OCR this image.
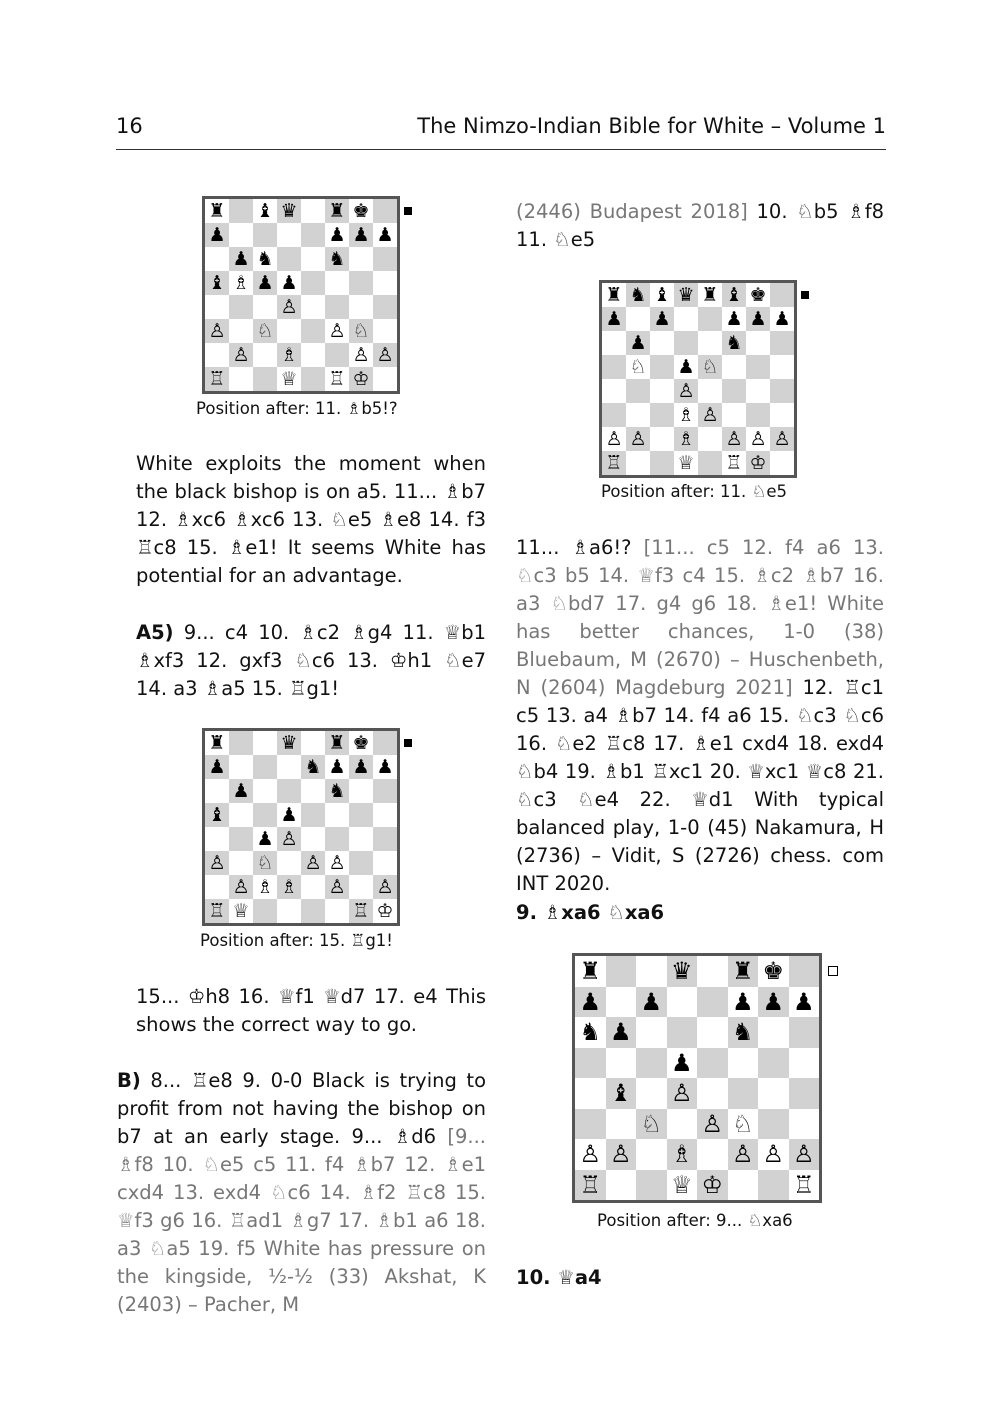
16	The Nimzo-Indian Bible for White – Volume 1
♜ ♝ ♛ ♜ ♚
♟	♟ ♟ ♟
♟ ♞	♞
♝ ♗ ♟ ♟
♙
♙ ♘	♙ ♘
♙ ♗	♙ ♙
♖	♕ ♖ ♔
Position after: 11. ♗b5!?
White exploits the moment when the black bishop is on a5. 11... ♗b7 12. ♗xc6 ♗xc6 13. ♘e5 ♗e8 14. f3 ♖c8 15. ♗e1! It seems White has potential for an advantage.
A5) 9... c4 10. ♗c2 ♗g4 11. ♕b1 ♗xf3 12. gxf3 ♘c6 13. ♔h1 ♘e7 14. a3 ♗a5 15. ♖g1!
♜	♛ ♜ ♚
♟	♞ ♟ ♟ ♟
♟	♞
♝	♟
♟ ♙
♙ ♘ ♙ ♙
♙ ♗ ♗ ♙ ♙
♖ ♕	♖ ♔
Position after: 15. ♖g1!
15... ♔h8 16. ♕f1 ♕d7 17. e4 This shows the correct way to go.
B) 8... ♖e8 9. 0-0 Black is trying to profit from not having the bishop on b7 at an early stage. 9... ♗d6 [9... ♗f8 10. ♘e5 c5 11. f4 ♗b7 12. ♗e1 cxd4 13. exd4 ♘c6 14. ♗f2 ♖c8 15. ♕f3 g6 16. ♖ad1 ♗g7 17. ♗b1 a6 18. a3 ♘a5 19. f5 White has pressure on the kingside, ½-½ (33) Akshat, K (2403) – Pacher, M
(2446) Budapest 2018] 10. ♘b5 ♗f8 11. ♘e5
♜ ♞ ♝ ♛ ♜ ♝ ♚
♟ ♟	♟ ♟ ♟
♟	♞
♘ ♟ ♘
♙
♗ ♙
♙ ♙ ♗ ♙ ♙ ♙
♖	♕ ♖ ♔
Position after: 11. ♘e5
11... ♗a6!? [11... c5 12. f4 a6 13. ♘c3 b5 14. ♕f3 c4 15. ♗c2 ♗b7 16. a3 ♘bd7 17. g4 g6 18. ♗e1! White has better chances, 1-0 (38) Bluebaum, M (2670) – Huschenbeth, N (2604) Magdeburg 2021] 12. ♖c1 c5 13. a4 ♗b7 14. f4 a6 15. ♘c3 ♘c6 16. ♘e2 ♖c8 17. ♗e1 cxd4 18. exd4 ♘b4 19. ♗b1 ♖xc1 20. ♕xc1 ♕c8 21. ♘c3 ♘e4 22. ♕d1 With typical balanced play, 1-0 (45) Nakamura, H (2736) – Vidit, S (2726) chess. com INT 2020.
9. ♗xa6 ♘xa6
♜	♛ ♜ ♚
♟ ♟	♟ ♟ ♟
♞ ♟	♞
♟
♝ ♙
♘ ♙ ♘
♙ ♙ ♗ ♙ ♙ ♙
♖	♕ ♔	♖
Position after: 9... ♘xa6
10. ♕a4
